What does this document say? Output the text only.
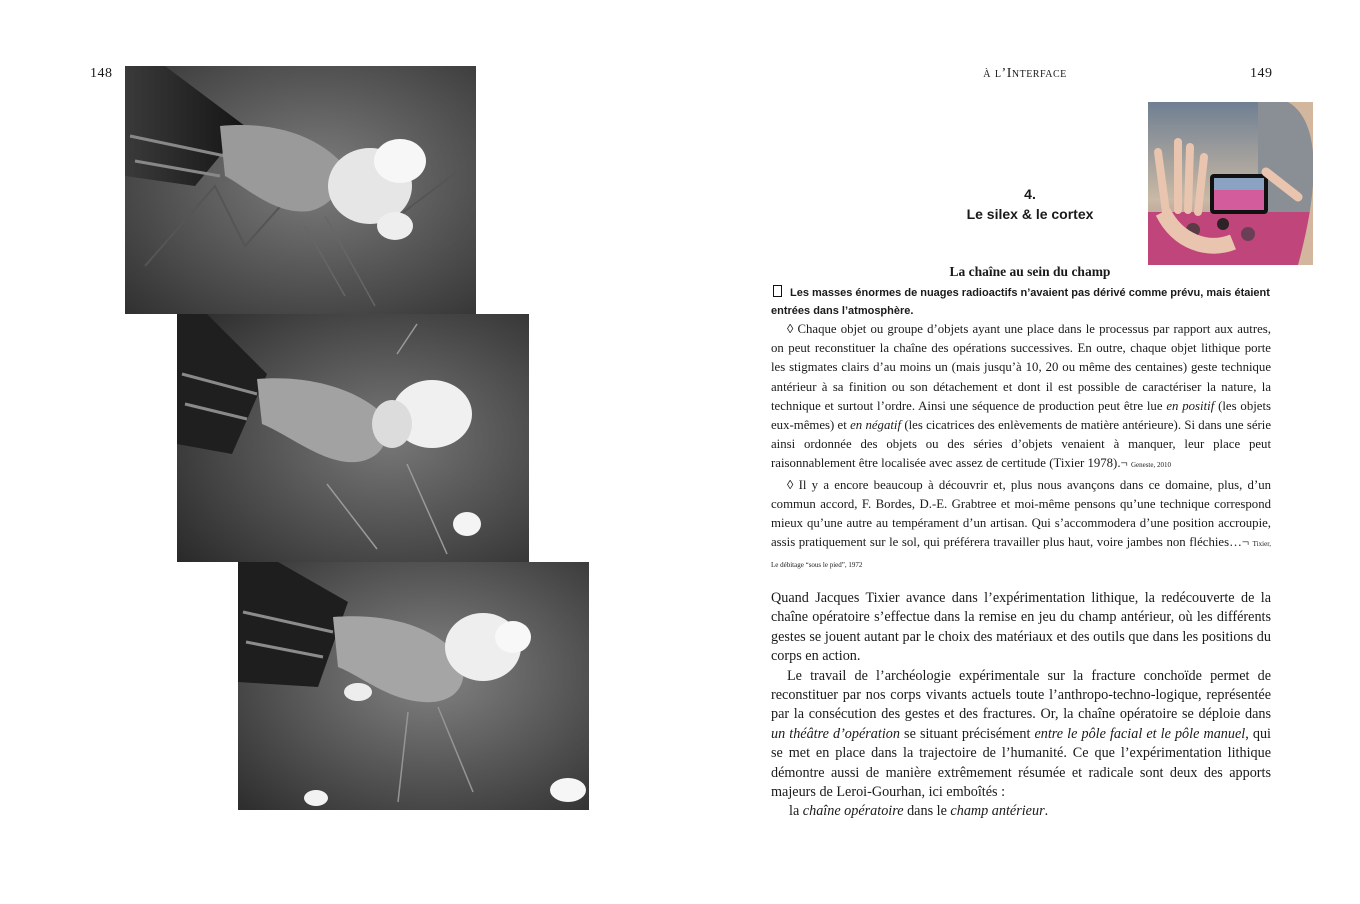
148	à l’Interface	149
4.
Le silex & le cortex
La chaîne au sein du champ
Les masses énormes de nuages radioactifs n’avaient pas dérivé comme prévu, mais étaient entrées dans l’atmosphère.

◊ Chaque objet ou groupe d’objets ayant une place dans le processus par rapport aux autres, on peut reconstituer la chaîne des opérations successives. En outre, chaque objet lithique porte les stigmates clairs d’au moins un (mais jusqu’à 10, 20 ou même des centaines) geste technique antérieur à sa finition ou son détachement et dont il est possible de caractériser la nature, la technique et surtout l’ordre. Ainsi une séquence de production peut être lue en positif (les objets eux-mêmes) et en négatif (les cicatrices des enlèvements de matière antérieure). Si dans une série ainsi ordonnée des objets ou des séries d’objets venaient à manquer, leur place peut raisonnablement être localisée avec assez de certitude (Tixier 1978).¬ Geneste, 2010

◊ Il y a encore beaucoup à découvrir et, plus nous avançons dans ce domaine, plus, d’un commun accord, F. Bordes, D.-E. Grabtree et moi-même pensons qu’une technique correspond mieux qu’une autre au tempérament d’un artisan. Qui s’accommodera d’une position accroupie, assis pratiquement sur le sol, qui préférera travailler plus haut, voire jambes non fléchies…¬ Tixier, Le débitage “sous le pied”, 1972

Quand Jacques Tixier avance dans l’expérimentation lithique, la redécouverte de la chaîne opératoire s’effectue dans la remise en jeu du champ antérieur, où les différents gestes se jouent autant par le choix des matériaux et des outils que dans les positions du corps en action.

Le travail de l’archéologie expérimentale sur la fracture conchoïde permet de reconstituer par nos corps vivants actuels toute l’anthropo-techno-logique, représentée par la consécution des gestes et des fractures. Or, la chaîne opératoire se déploie dans un théâtre d’opération se situant précisément entre le pôle facial et le pôle manuel, qui se met en place dans la trajectoire de l’humanité. Ce que l’expérimentation lithique démontre aussi de manière extrêmement résumée et radicale sont deux des apports majeurs de Leroi-Gourhan, ici emboîtés :

la chaîne opératoire dans le champ antérieur.
